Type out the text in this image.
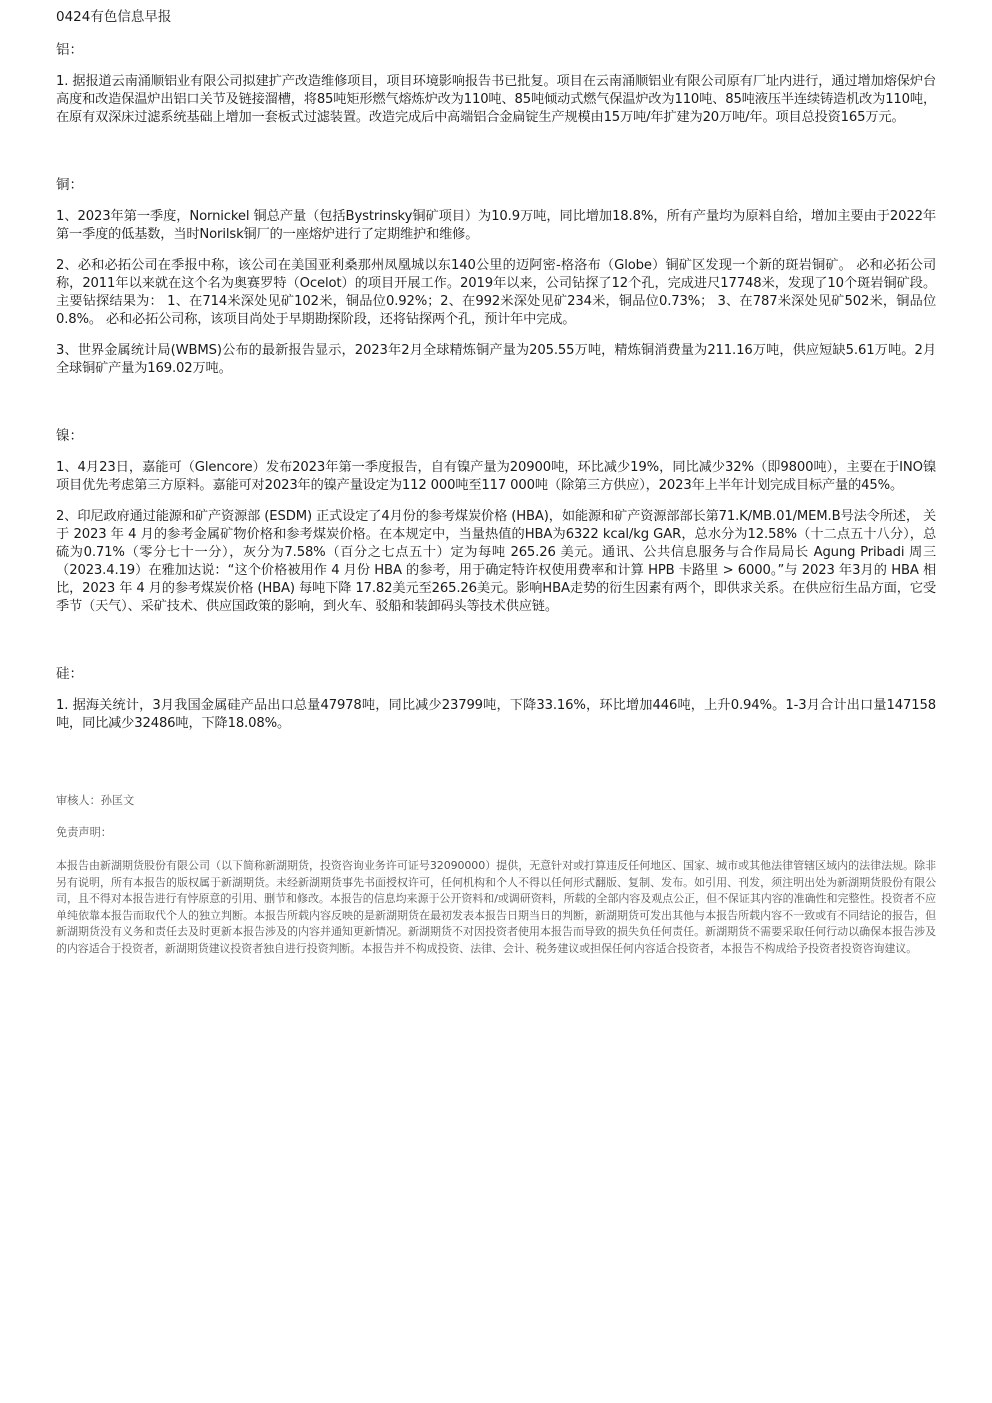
0424有色信息早报
铝：

1. 据报道云南涌顺铝业有限公司拟建扩产改造维修项目，项目环境影响报告书已批复。项目在云南涌顺铝业有限公司原有厂址内进行，通过增加熔保炉台高度和改造保温炉出铝口关节及链接溜槽，将85吨矩形燃气熔炼炉改为110吨、85吨倾动式燃气保温炉改为110吨、85吨液压半连续铸造机改为110吨，在原有双深床过滤系统基础上增加一套板式过滤装置。改造完成后中高端铝合金扁锭生产规模由15万吨/年扩建为20万吨/年。项目总投资165万元。

铜：

1、2023年第一季度，Nornickel 铜总产量（包括Bystrinsky铜矿项目）为10.9万吨，同比增加18.8%，所有产量均为原料自给，增加主要由于2022年第一季度的低基数，当时Norilsk铜厂的一座熔炉进行了定期维护和维修。

2、必和必拓公司在季报中称，该公司在美国亚利桑那州凤凰城以东140公里的迈阿密-格洛布（Globe）铜矿区发现一个新的斑岩铜矿。 必和必拓公司称，2011年以来就在这个名为奥赛罗特（Ocelot）的项目开展工作。2019年以来，公司钻探了12个孔，完成进尺17748米，发现了10个斑岩铜矿段。 主要钻探结果为： 1、在714米深处见矿102米，铜品位0.92%；2、在992米深处见矿234米，铜品位0.73%； 3、在787米深处见矿502米，铜品位0.8%。 必和必拓公司称，该项目尚处于早期勘探阶段，还将钻探两个孔，预计年中完成。

3、世界金属统计局(WBMS)公布的最新报告显示，2023年2月全球精炼铜产量为205.55万吨，精炼铜消费量为211.16万吨，供应短缺5.61万吨。2月全球铜矿产量为169.02万吨。

镍：

1、4月23日，嘉能可（Glencore）发布2023年第一季度报告，自有镍产量为20900吨，环比减少19%，同比减少32%（即9800吨），主要在于INO镍项目优先考虑第三方原料。嘉能可对2023年的镍产量设定为112 000吨至117 000吨（除第三方供应），2023年上半年计划完成目标产量的45%。

2、印尼政府通过能源和矿产资源部 (ESDM) 正式设定了4月份的参考煤炭价格 (HBA)，如能源和矿产资源部部长第71.K/MB.01/MEM.B号法令所述， 关于 2023 年 4 月的参考金属矿物价格和参考煤炭价格。在本规定中，当量热值的HBA为6322 kcal/kg GAR，总水分为12.58%（十二点五十八分），总硫为0.71%（零分七十一分），灰分为7.58%（百分之七点五十）定为每吨 265.26 美元。通讯、公共信息服务与合作局局长 Agung Pribadi 周三（2023.4.19）在雅加达说：“这个价格被用作 4 月份 HBA 的参考，用于确定特许权使用费率和计算 HPB 卡路里 > 6000。”与 2023 年3月的 HBA 相比，2023 年 4 月的参考煤炭价格 (HBA) 每吨下降 17.82美元至265.26美元。影响HBA走势的衍生因素有两个，即供求关系。在供应衍生品方面，它受季节（天气）、采矿技术、供应国政策的影响，到火车、驳船和装卸码头等技术供应链。

硅：

1. 据海关统计，3月我国金属硅产品出口总量47978吨，同比减少23799吨，下降33.16%，环比增加446吨，上升0.94%。1-3月合计出口量147158吨，同比减少32486吨，下降18.08%。

审核人：孙匡文
免责声明：

本报告由新湖期货股份有限公司（以下简称新湖期货，投资咨询业务许可证号32090000）提供，无意针对或打算违反任何地区、国家、城市或其他法律管辖区域内的法律法规。除非另有说明，所有本报告的版权属于新湖期货。未经新湖期货事先书面授权许可，任何机构和个人不得以任何形式翻版、复制、发布。如引用、刊发，须注明出处为新湖期货股份有限公司，且不得对本报告进行有悖原意的引用、删节和修改。本报告的信息均来源于公开资料和/或调研资料，所载的全部内容及观点公正，但不保证其内容的准确性和完整性。投资者不应单纯依靠本报告而取代个人的独立判断。本报告所载内容反映的是新湖期货在最初发表本报告日期当日的判断，新湖期货可发出其他与本报告所载内容不一致或有不同结论的报告，但新湖期货没有义务和责任去及时更新本报告涉及的内容并通知更新情况。新湖期货不对因投资者使用本报告而导致的损失负任何责任。新湖期货不需要采取任何行动以确保本报告涉及的内容适合于投资者，新湖期货建议投资者独自进行投资判断。本报告并不构成投资、法律、会计、税务建议或担保任何内容适合投资者，本报告不构成给予投资者投资咨询建议。
